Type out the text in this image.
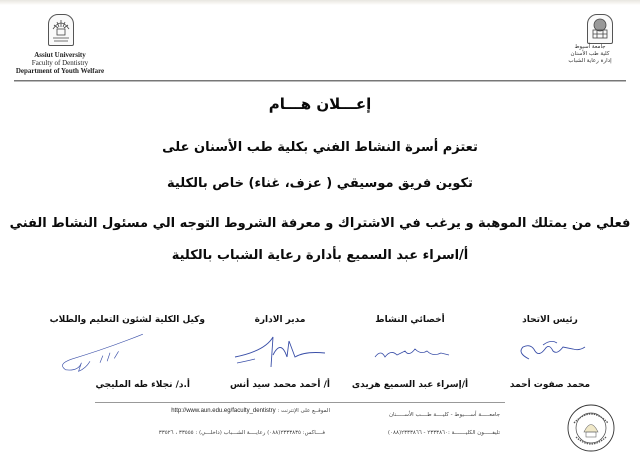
Assiut University
Faculty of Dentistry
Department of Youth Welfare
جامعة أسيوط
كلية طب الأسنان
إدارة رعاية الشباب
إعـــلان هـــام
تعتزم أسرة النشاط الفني بكلية طب الأسنان على
تكوين فريق موسيقي ( عزف، غناء) خاص بالكلية
فعلي من يمتلك الموهبة و يرغب في الاشتراك و معرفة الشروط التوجه الي مسئول النشاط الفني
أ/اسراء عبد السميع بأدارة رعاية الشباب بالكلية
رئيس الاتحاد
محمد صفوت أحمد
أخصائي النشاط
أ/إسراء عبد السميع هريدى
مدير الادارة
أ/ أحمد محمد سيد أنس
وكيل الكلية لشئون التعليم والطلاب
أ.د/ نجلاء طه المليجي
جامعـــــة أســــيوط - كليــــة طــــب الأســـــنان
تليفـــــون الكليـــــــة :٢٣٣٣٨٦٠ - ٢٣٣٣٨٦٦(٠٨٨)
الموقــع على الإنترنت : http://www.aun.edu.eg/faculty_dentistry
فــــاكس: ٢٣٣٣٨٣٥(٠٨٨) رعايــــة الشـــباب (داخلـــي) : ٣٣٥٥٥ ، ٣٣٥٢٦
